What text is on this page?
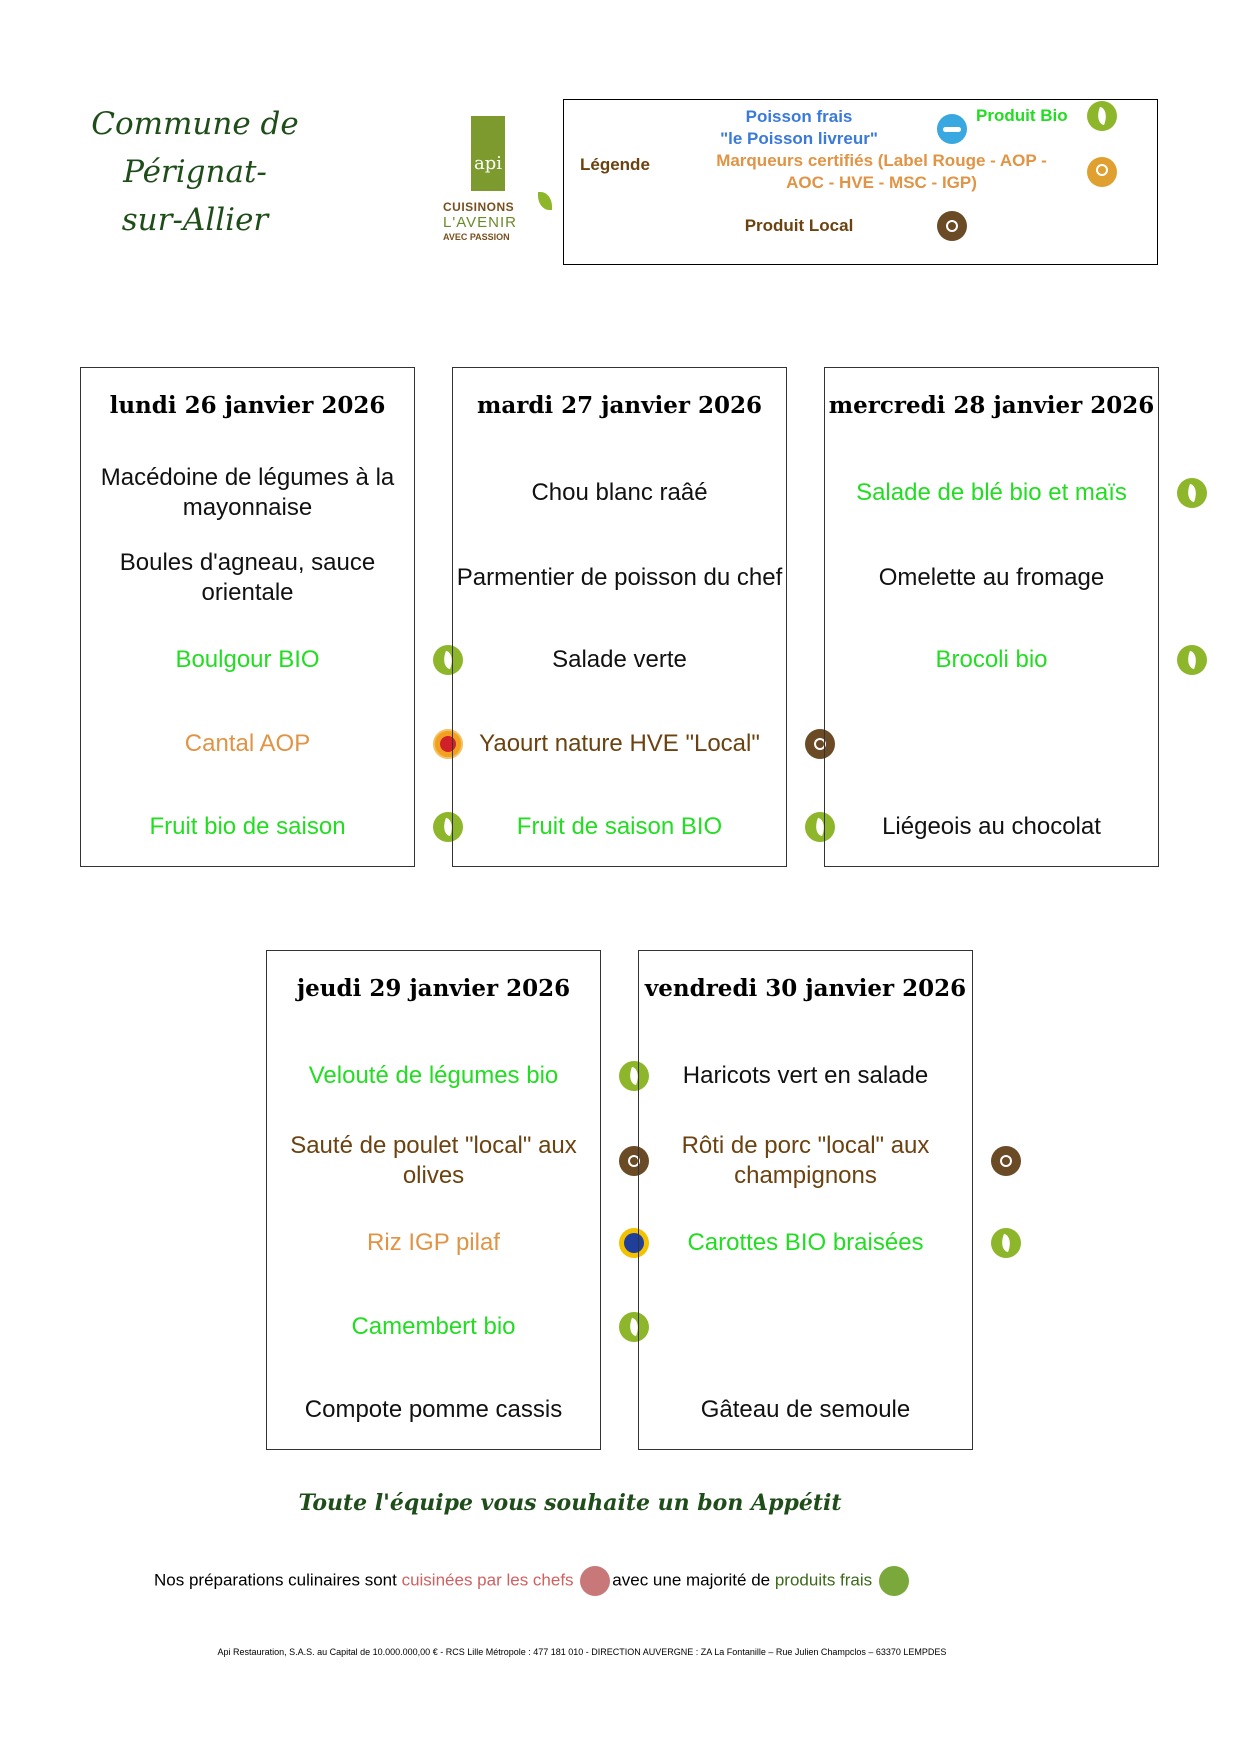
Commune de Pérignat-
sur-Allier
api
CUISINONS
L'AVENIR
AVEC PASSION
Légende
Poisson frais
"le Poisson livreur"
Produit Bio
Marqueurs certifiés (Label Rouge - AOP -
AOC - HVE - MSC - IGP)
Produit Local
lundi 26 janvier 2026
Macédoine de légumes à la mayonnaise
Boules d'agneau, sauce orientale
Boulgour BIO
Cantal AOP
Fruit bio de saison
mardi 27 janvier 2026
Chou blanc raâé
Parmentier de poisson du chef
Salade verte
Yaourt nature HVE "Local"
Fruit de saison BIO
mercredi 28 janvier 2026
Salade de blé bio et maïs
Omelette au fromage
Brocoli bio
Liégeois au chocolat
jeudi 29 janvier 2026
Velouté de légumes bio
Sauté de poulet "local" aux olives
Riz IGP pilaf
Camembert bio
Compote pomme cassis
vendredi 30 janvier 2026
Haricots vert en salade
Rôti de porc "local" aux champignons
Carottes BIO braisées
Gâteau de semoule
Toute l'équipe vous souhaite un bon Appétit
Nos préparations culinaires sont cuisinées par les chefs avec une majorité de produits frais
Api Restauration, S.A.S. au Capital de 10.000.000,00 € - RCS Lille Métropole : 477 181 010 - DIRECTION AUVERGNE : ZA La Fontanille – Rue Julien Champclos – 63370 LEMPDES
